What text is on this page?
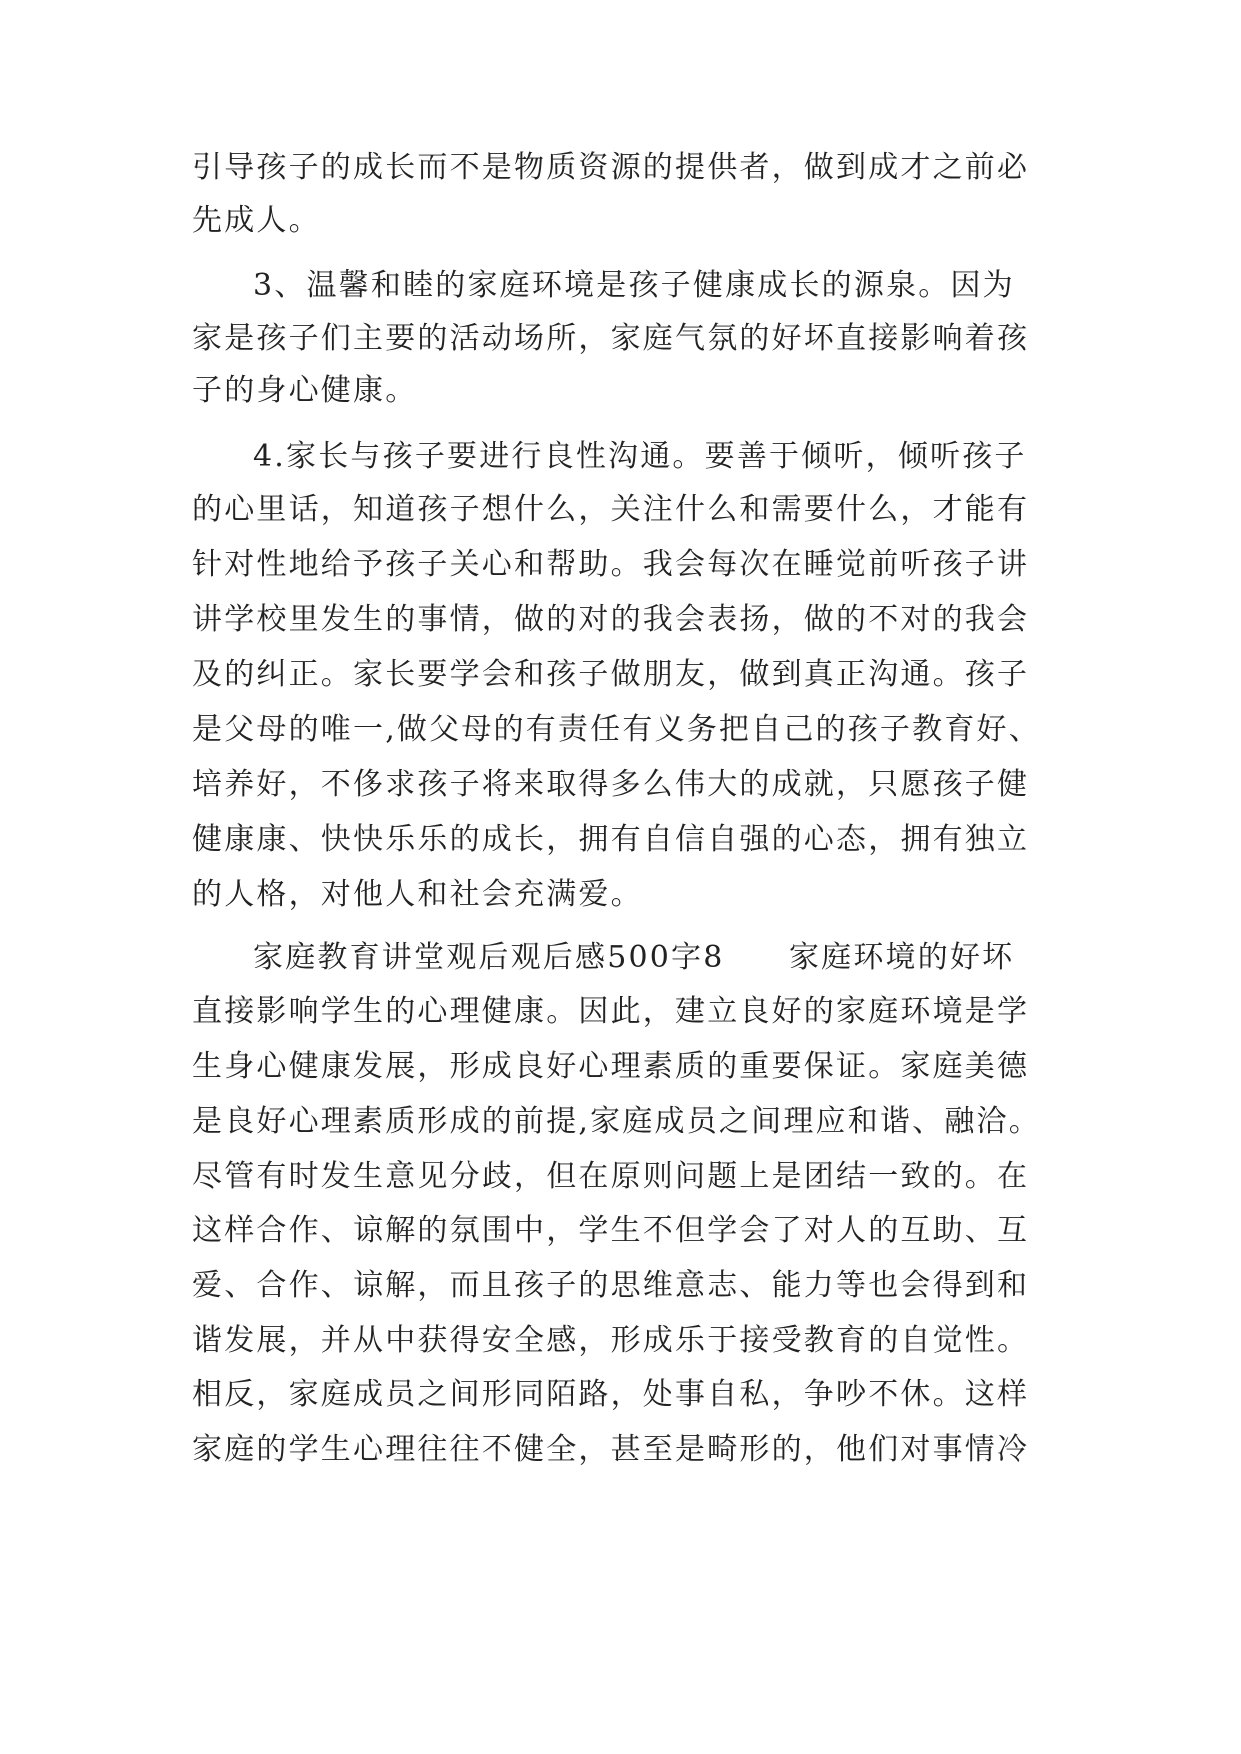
引导孩子的成长而不是物质资源的提供者，做到成才之前必
先成人。
3、温馨和睦的家庭环境是孩子健康成长的源泉。因为
家是孩子们主要的活动场所，家庭气氛的好坏直接影响着孩
子的身心健康。
4.家长与孩子要进行良性沟通。要善于倾听，倾听孩子
的心里话，知道孩子想什么，关注什么和需要什么，才能有
针对性地给予孩子关心和帮助。我会每次在睡觉前听孩子讲
讲学校里发生的事情，做的对的我会表扬，做的不对的我会
及的纠正。家长要学会和孩子做朋友，做到真正沟通。孩子
是父母的唯一,做父母的有责任有义务把自己的孩子教育好、
培养好，不侈求孩子将来取得多么伟大的成就，只愿孩子健
健康康、快快乐乐的成长，拥有自信自强的心态，拥有独立
的人格，对他人和社会充满爱。
家庭教育讲堂观后观后感500字8　　家庭环境的好坏
直接影响学生的心理健康。因此，建立良好的家庭环境是学
生身心健康发展，形成良好心理素质的重要保证。家庭美德
是良好心理素质形成的前提,家庭成员之间理应和谐、融洽。
尽管有时发生意见分歧，但在原则问题上是团结一致的。在
这样合作、谅解的氛围中，学生不但学会了对人的互助、互
爱、合作、谅解，而且孩子的思维意志、能力等也会得到和
谐发展，并从中获得安全感，形成乐于接受教育的自觉性。
相反，家庭成员之间形同陌路，处事自私，争吵不休。这样
家庭的学生心理往往不健全，甚至是畸形的，他们对事情冷
